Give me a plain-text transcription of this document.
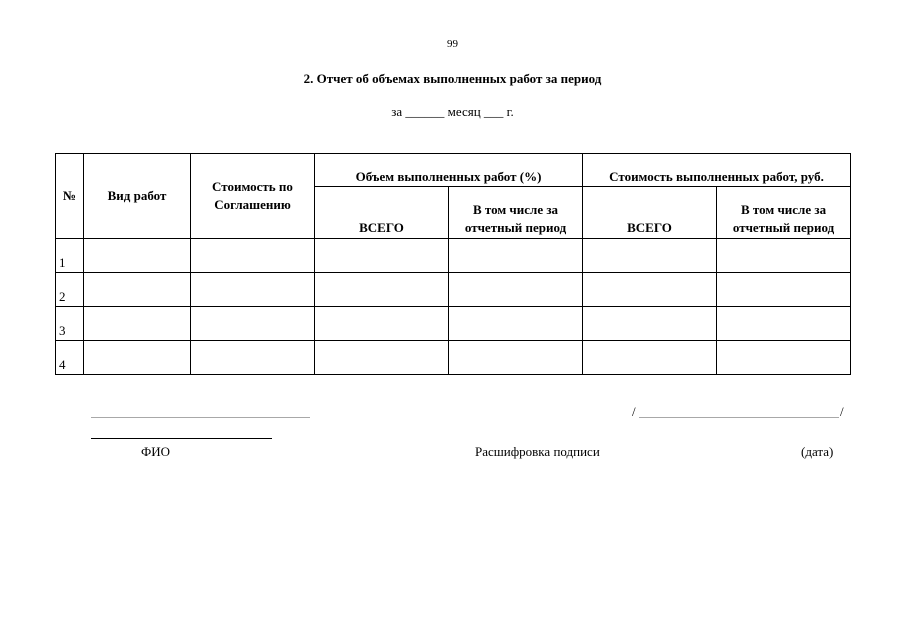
99
2. Отчет об объемах выполненных работ за период
за ______ месяц ___ г.
№	Вид работ	Стоимость по Соглашению	Объем выполненных работ (%)		Стоимость выполненных работ, руб.	
			ВСЕГО	В том числе за отчетный период	ВСЕГО	В том числе за отчетный период
1						
2						
3						
4						
/	/
ФИО	Расшифровка подписи	(дата)
